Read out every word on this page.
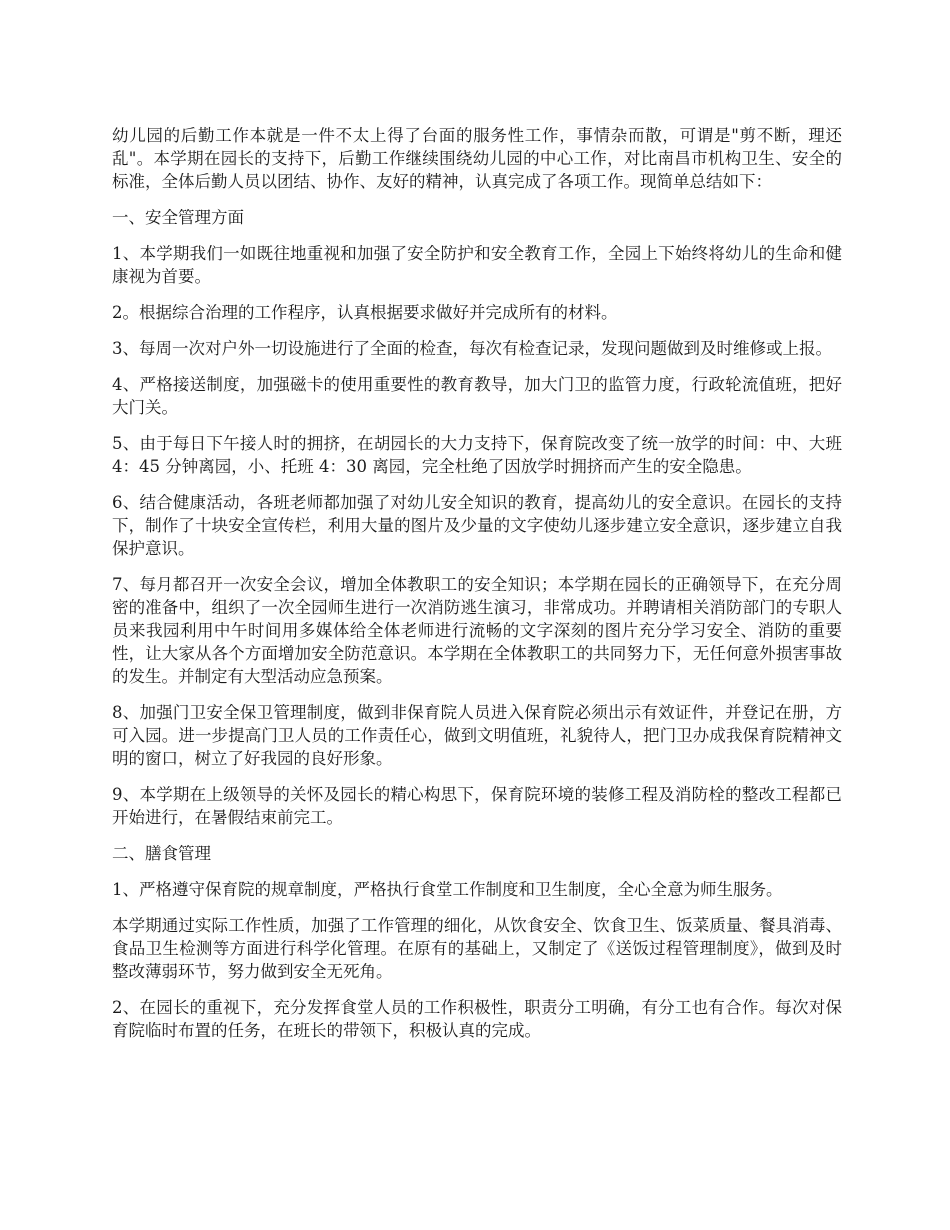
幼儿园的后勤工作本就是一件不太上得了台面的服务性工作，事情杂而散，可谓是"剪不断，理还乱"。本学期在园长的支持下，后勤工作继续围绕幼儿园的中心工作，对比南昌市机构卫生、安全的标准，全体后勤人员以团结、协作、友好的精神，认真完成了各项工作。现简单总结如下：

一、安全管理方面

1、本学期我们一如既往地重视和加强了安全防护和安全教育工作，全园上下始终将幼儿的生命和健康视为首要。

2。根据综合治理的工作程序，认真根据要求做好并完成所有的材料。

3、每周一次对户外一切设施进行了全面的检查，每次有检查记录，发现问题做到及时维修或上报。

4、严格接送制度，加强磁卡的使用重要性的教育教导，加大门卫的监管力度，行政轮流值班，把好大门关。

5、由于每日下午接人时的拥挤，在胡园长的大力支持下，保育院改变了统一放学的时间：中、大班 4：45 分钟离园，小、托班 4：30 离园，完全杜绝了因放学时拥挤而产生的安全隐患。

6、结合健康活动，各班老师都加强了对幼儿安全知识的教育，提高幼儿的安全意识。在园长的支持下，制作了十块安全宣传栏，利用大量的图片及少量的文字使幼儿逐步建立安全意识，逐步建立自我保护意识。

7、每月都召开一次安全会议，增加全体教职工的安全知识；本学期在园长的正确领导下，在充分周密的准备中，组织了一次全园师生进行一次消防逃生演习，非常成功。并聘请相关消防部门的专职人员来我园利用中午时间用多媒体给全体老师进行流畅的文字深刻的图片充分学习安全、消防的重要性，让大家从各个方面增加安全防范意识。本学期在全体教职工的共同努力下，无任何意外损害事故的发生。并制定有大型活动应急预案。

8、加强门卫安全保卫管理制度，做到非保育院人员进入保育院必须出示有效证件，并登记在册，方可入园。进一步提高门卫人员的工作责任心，做到文明值班，礼貌待人，把门卫办成我保育院精神文明的窗口，树立了好我园的良好形象。

9、本学期在上级领导的关怀及园长的精心构思下，保育院环境的装修工程及消防栓的整改工程都已开始进行，在暑假结束前完工。

二、膳食管理

1、严格遵守保育院的规章制度，严格执行食堂工作制度和卫生制度，全心全意为师生服务。

本学期通过实际工作性质，加强了工作管理的细化，从饮食安全、饮食卫生、饭菜质量、餐具消毒、食品卫生检测等方面进行科学化管理。在原有的基础上，又制定了《送饭过程管理制度》，做到及时整改薄弱环节，努力做到安全无死角。

2、在园长的重视下，充分发挥食堂人员的工作积极性，职责分工明确，有分工也有合作。每次对保育院临时布置的任务，在班长的带领下，积极认真的完成。
